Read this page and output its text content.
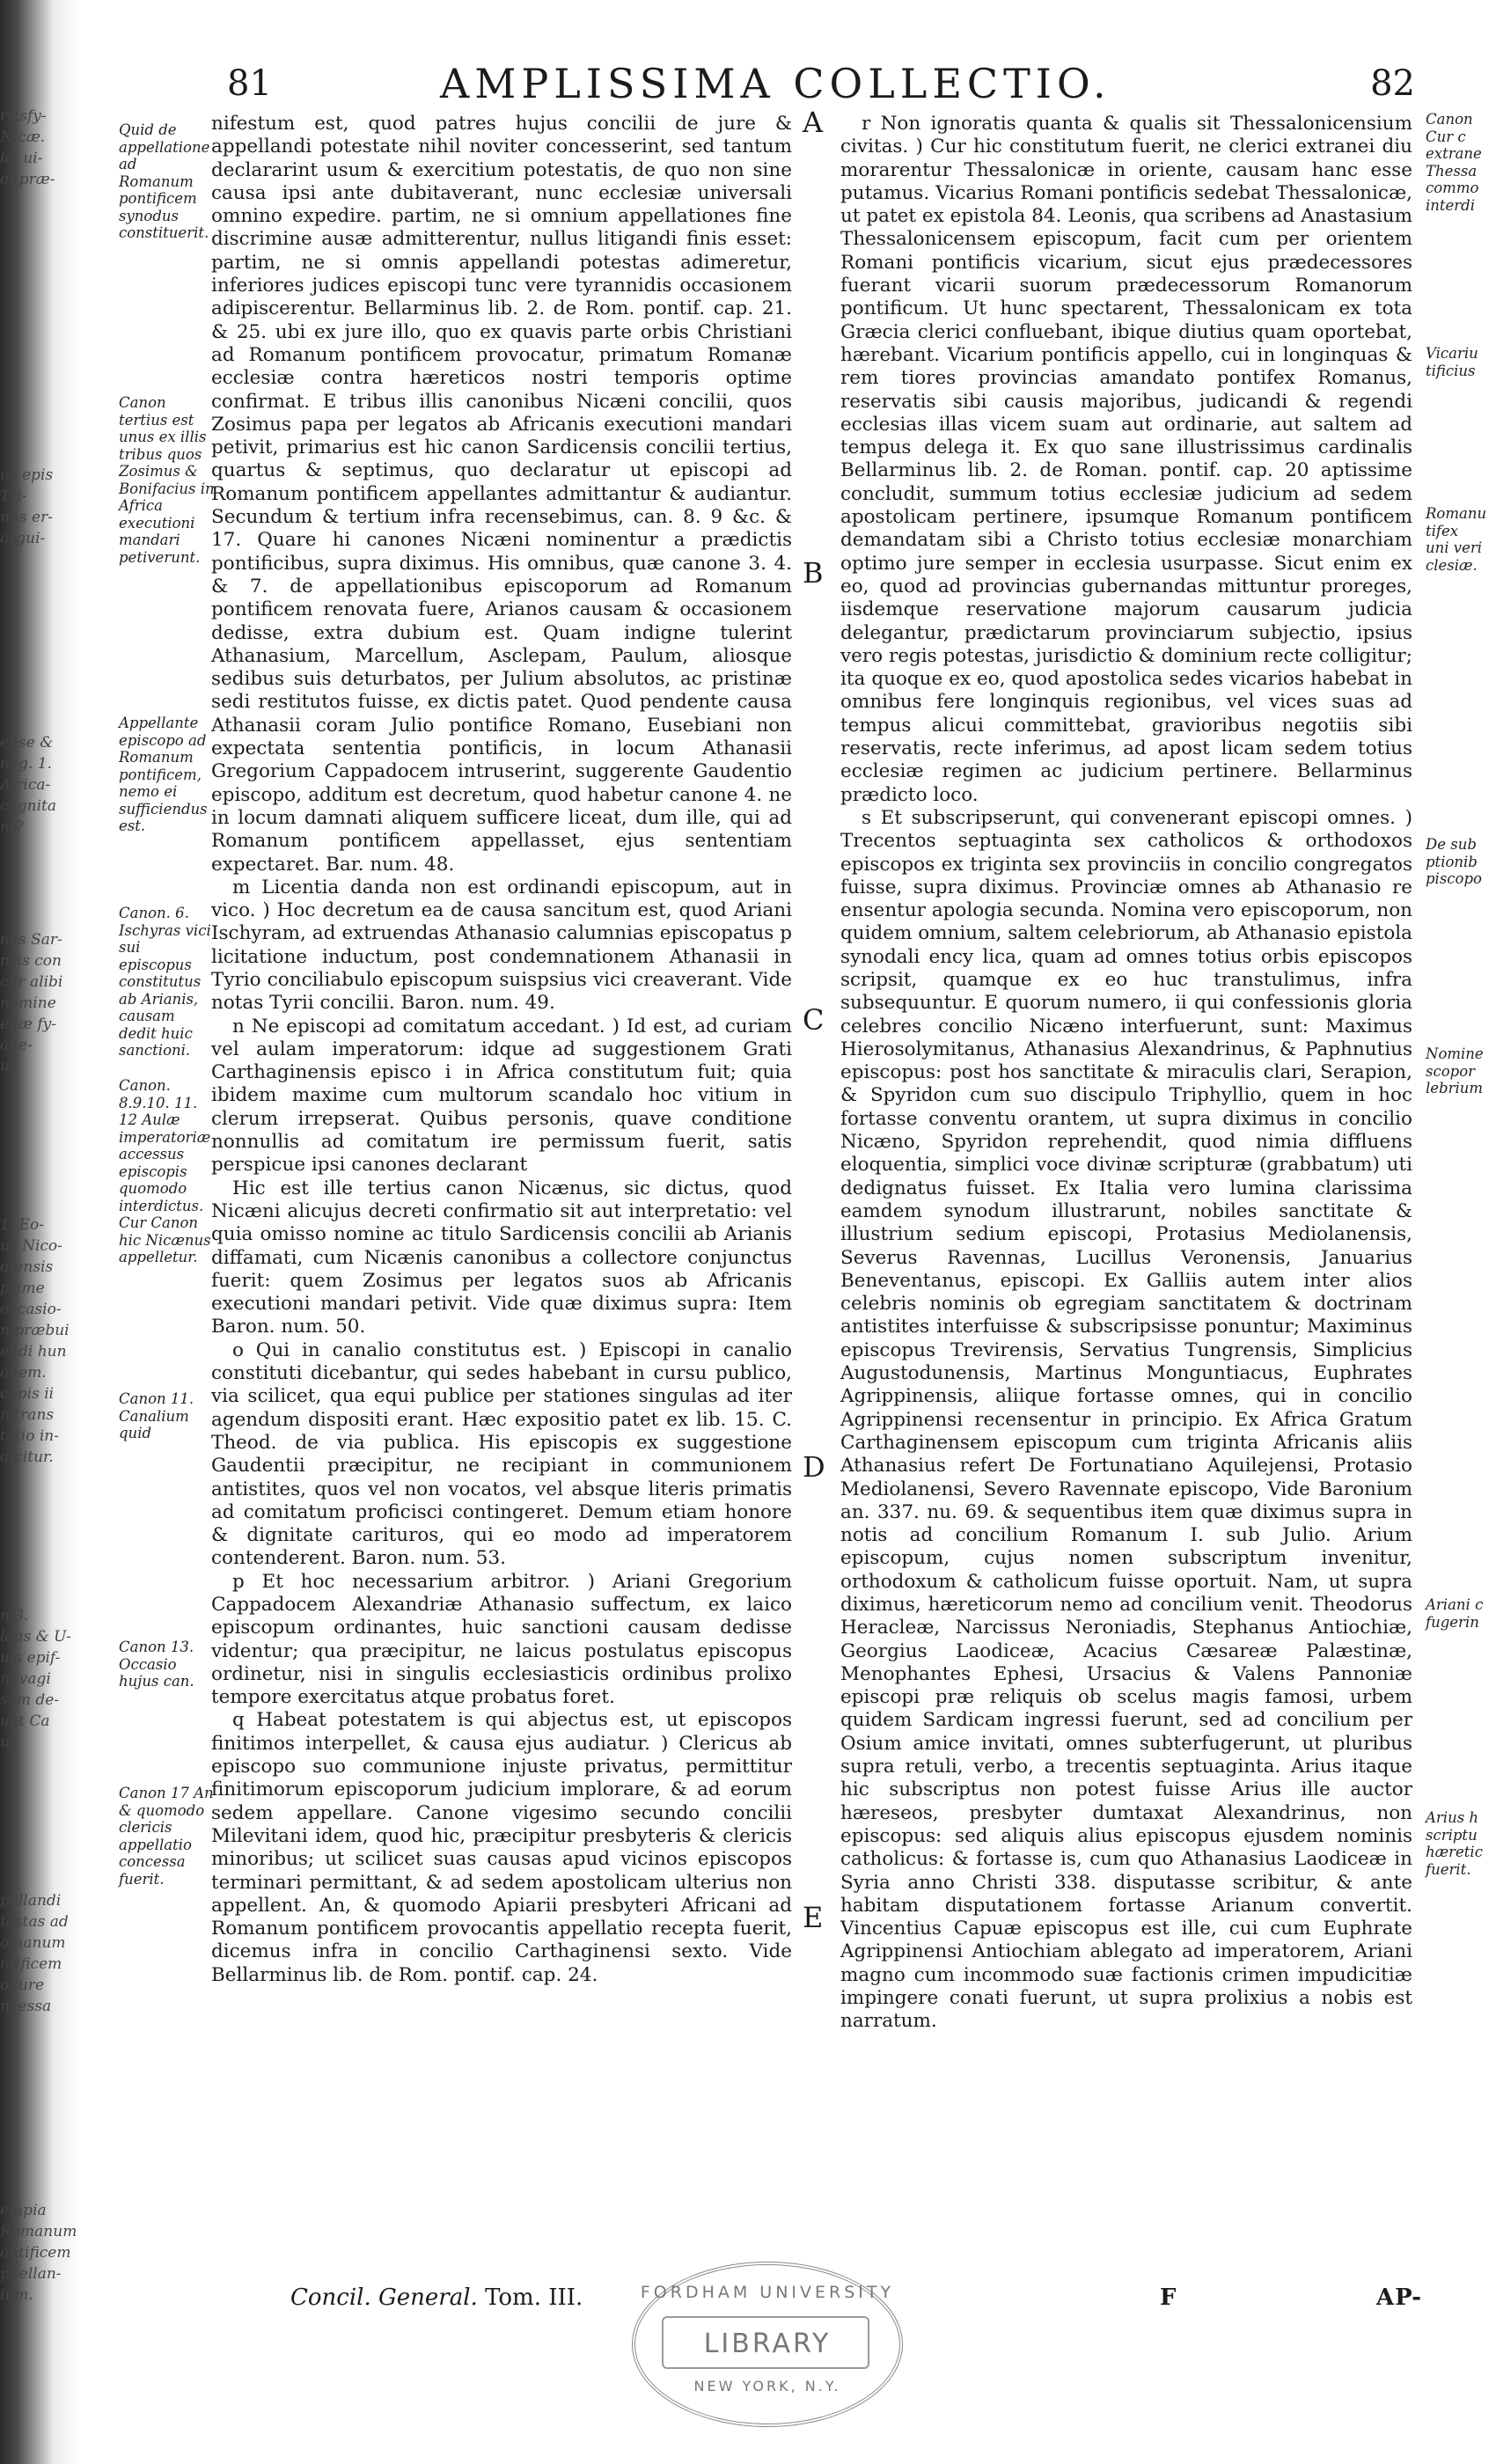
rsisfy-
Nicæ.
lei ui-
di præ-
us epis
Tri-
nus er-
argui-
ense &
nag. 1.
Africa-
cognita
nt?
nes Sar-
nsis con
cur alibi
nomine
enæ fy-
alle-
ur.
1. Eo-
us Nico-
diensis
prime
occasio-
n præbui
endi hun
onem.
copis ii
n trans
tatio in-
dicitur.
n 3.
lens & U-
uis epif-
ni vagi
sam de-
uat Ca
ui.
pellandi
testas ad
omanum
ntificem
o jure
ncessa
empia
Romanum
ontificem
ppellan-
ium.
81	AMPLISSIMA COLLECTIO.	82
Quid de appellatione ad Romanum pontificem synodus constituerit.
Canon tertius est unus ex illis tribus quos Zosimus & Bonifacius in Africa executioni mandari petiverunt.
Appellante episcopo ad Romanum pontificem, nemo ei sufficiendus est.
Canon. 6. Ischyras vici sui episcopus constitutus ab Arianis, causam dedit huic sanctioni.
Canon. 8.9.10. 11. 12 Aulæ imperatoriæ accessus episcopis quomodo interdictus. Cur Canon hic Nicænus appelletur.
Canon 11. Canalium quid
Canon 13. Occasio hujus can.
Canon 17 An & quomodo clericis appellatio concessa fuerit.
A
B
C
D
E

nifestum est, quod patres hujus concilii de jure & appellandi potestate nihil noviter concesserint, sed tantum declararint usum & exercitium potestatis, de quo non sine causa ipsi ante dubitaverant, nunc ecclesiæ universali omnino expedire. partim, ne si omnium appellationes fine discrimine ausæ admitterentur, nullus litigandi finis esset: partim, ne si omnis appellandi potestas adimeretur, inferiores judices episcopi tunc vere tyrannidis occasionem adipiscerentur. Bellarminus lib. 2. de Rom. pontif. cap. 21. & 25. ubi ex jure illo, quo ex quavis parte orbis Christiani ad Romanum pontificem provocatur, primatum Romanæ ecclesiæ contra hæreticos nostri temporis optime confirmat. E tribus illis canonibus Nicæni concilii, quos Zosimus papa per legatos ab Africanis executioni mandari petivit, primarius est hic canon Sardicensis concilii tertius, quartus & septimus, quo declaratur ut episcopi ad Romanum pontificem appellantes admittantur & audiantur. Secundum & tertium infra recensebimus, can. 8. 9 &c. & 17. Quare hi canones Nicæni nominentur a prædictis pontificibus, supra diximus. His omnibus, quæ canone 3. 4. & 7. de appellationibus episcoporum ad Romanum pontificem renovata fuere, Arianos causam & occasionem dedisse, extra dubium est. Quam indigne tulerint Athanasium, Marcellum, Asclepam, Paulum, aliosque sedibus suis deturbatos, per Julium absolutos, ac pristinæ sedi restitutos fuisse, ex dictis patet. Quod pendente causa Athanasii coram Julio pontifice Romano, Eusebiani non expectata sententia pontificis, in locum Athanasii Gregorium Cappadocem intruserint, suggerente Gaudentio episcopo, additum est decretum, quod habetur canone 4. ne in locum damnati aliquem sufficere liceat, dum ille, qui ad Romanum pontificem appellasset, ejus sententiam expectaret. Bar. num. 48.

m Licentia danda non est ordinandi episcopum, aut in vico. ) Hoc decretum ea de causa sancitum est, quod Ariani Ischyram, ad extruendas Athanasio calumnias episcopatus p licitatione inductum, post condemnationem Athanasii in Tyrio conciliabulo episcopum suispsius vici creaverant. Vide notas Tyrii concilii. Baron. num. 49.

n Ne episcopi ad comitatum accedant. ) Id est, ad curiam vel aulam imperatorum: idque ad suggestionem Grati Carthaginensis episco i in Africa constitutum fuit; quia ibidem maxime cum multorum scandalo hoc vitium in clerum irrepserat. Quibus personis, quave conditione nonnullis ad comitatum ire permissum fuerit, satis perspicue ipsi canones declarant

Hic est ille tertius canon Nicænus, sic dictus, quod Nicæni alicujus decreti confirmatio sit aut interpretatio: vel quia omisso nomine ac titulo Sardicensis concilii ab Arianis diffamati, cum Nicænis canonibus a collectore conjunctus fuerit: quem Zosimus per legatos suos ab Africanis executioni mandari petivit. Vide quæ diximus supra: Item Baron. num. 50.

o Qui in canalio constitutus est. ) Episcopi in canalio constituti dicebantur, qui sedes habebant in cursu publico, via scilicet, qua equi publice per stationes singulas ad iter agendum dispositi erant. Hæc expositio patet ex lib. 15. C. Theod. de via publica. His episcopis ex suggestione Gaudentii præcipitur, ne recipiant in communionem antistites, quos vel non vocatos, vel absque literis primatis ad comitatum proficisci contingeret. Demum etiam honore & dignitate carituros, qui eo modo ad imperatorem contenderent. Baron. num. 53.

p Et hoc necessarium arbitror. ) Ariani Gregorium Cappadocem Alexandriæ Athanasio suffectum, ex laico episcopum ordinantes, huic sanctioni causam dedisse videntur; qua præcipitur, ne laicus postulatus episcopus ordinetur, nisi in singulis ecclesiasticis ordinibus prolixo tempore exercitatus atque probatus foret.

q Habeat potestatem is qui abjectus est, ut episcopos finitimos interpellet, & causa ejus audiatur. ) Clericus ab episcopo suo communione injuste privatus, permittitur finitimorum episcoporum judicium implorare, & ad eorum sedem appellare. Canone vigesimo secundo concilii Milevitani idem, quod hic, præcipitur presbyteris & clericis minoribus; ut scilicet suas causas apud vicinos episcopos terminari permittant, & ad sedem apostolicam ulterius non appellent. An, & quomodo Apiarii presbyteri Africani ad Romanum pontificem provocantis appellatio recepta fuerit, dicemus infra in concilio Carthaginensi sexto. Vide Bellarminus lib. de Rom. pontif. cap. 24.

r Non ignoratis quanta & qualis sit Thessalonicensium civitas. ) Cur hic constitutum fuerit, ne clerici extranei diu morarentur Thessalonicæ in oriente, causam hanc esse putamus. Vicarius Romani pontificis sedebat Thessalonicæ, ut patet ex epistola 84. Leonis, qua scribens ad Anastasium Thessalonicensem episcopum, facit cum per orientem Romani pontificis vicarium, sicut ejus prædecessores fuerant vicarii suorum prædecessorum Romanorum pontificum. Ut hunc spectarent, Thessalonicam ex tota Græcia clerici confluebant, ibique diutius quam oportebat, hærebant. Vicarium pontificis appello, cui in longinquas & rem tiores provincias amandato pontifex Romanus, reservatis sibi causis majoribus, judicandi & regendi ecclesias illas vicem suam aut ordinarie, aut saltem ad tempus delega it. Ex quo sane illustrissimus cardinalis Bellarminus lib. 2. de Roman. pontif. cap. 20 aptissime concludit, summum totius ecclesiæ judicium ad sedem apostolicam pertinere, ipsumque Romanum pontificem demandatam sibi a Christo totius ecclesiæ monarchiam optimo jure semper in ecclesia usurpasse. Sicut enim ex eo, quod ad provincias gubernandas mittuntur proreges, iisdemque reservatione majorum causarum judicia delegantur, prædictarum provinciarum subjectio, ipsius vero regis potestas, jurisdictio & dominium recte colligitur; ita quoque ex eo, quod apostolica sedes vicarios habebat in omnibus fere longinquis regionibus, vel vices suas ad tempus alicui committebat, gravioribus negotiis sibi reservatis, recte inferimus, ad apost licam sedem totius ecclesiæ regimen ac judicium pertinere. Bellarminus prædicto loco.

s Et subscripserunt, qui convenerant episcopi omnes. ) Trecentos septuaginta sex catholicos & orthodoxos episcopos ex triginta sex provinciis in concilio congregatos fuisse, supra diximus. Provinciæ omnes ab Athanasio re ensentur apologia secunda. Nomina vero episcoporum, non quidem omnium, saltem celebriorum, ab Athanasio epistola synodali ency lica, quam ad omnes totius orbis episcopos scripsit, quamque ex eo huc transtulimus, infra subsequuntur. E quorum numero, ii qui confessionis gloria celebres concilio Nicæno interfuerunt, sunt: Maximus Hierosolymitanus, Athanasius Alexandrinus, & Paphnutius episcopus: post hos sanctitate & miraculis clari, Serapion, & Spyridon cum suo discipulo Triphyllio, quem in hoc fortasse conventu orantem, ut supra diximus in concilio Nicæno, Spyridon reprehendit, quod nimia diffluens eloquentia, simplici voce divinæ scripturæ (grabbatum) uti dedignatus fuisset. Ex Italia vero lumina clarissima eamdem synodum illustrarunt, nobiles sanctitate & illustrium sedium episcopi, Protasius Mediolanensis, Severus Ravennas, Lucillus Veronensis, Januarius Beneventanus, episcopi. Ex Galliis autem inter alios celebris nominis ob egregiam sanctitatem & doctrinam antistites interfuisse & subscripsisse ponuntur; Maximinus episcopus Trevirensis, Servatius Tungrensis, Simplicius Augustodunensis, Martinus Monguntiacus, Euphrates Agrippinensis, aliique fortasse omnes, qui in concilio Agrippinensi recensentur in principio. Ex Africa Gratum Carthaginensem episcopum cum triginta Africanis aliis Athanasius refert De Fortunatiano Aquilejensi, Protasio Mediolanensi, Severo Ravennate episcopo, Vide Baronium an. 337. nu. 69. & sequentibus item quæ diximus supra in notis ad concilium Romanum I. sub Julio. Arium episcopum, cujus nomen subscriptum invenitur, orthodoxum & catholicum fuisse oportuit. Nam, ut supra diximus, hæreticorum nemo ad concilium venit. Theodorus Heracleæ, Narcissus Neroniadis, Stephanus Antiochiæ, Georgius Laodiceæ, Acacius Cæsareæ Palæstinæ, Menophantes Ephesi, Ursacius & Valens Pannoniæ episcopi præ reliquis ob scelus magis famosi, urbem quidem Sardicam ingressi fuerunt, sed ad concilium per Osium amice invitati, omnes subterfugerunt, ut pluribus supra retuli, verbo, a trecentis septuaginta. Arius itaque hic subscriptus non potest fuisse Arius ille auctor hæreseos, presbyter dumtaxat Alexandrinus, non episcopus: sed aliquis alius episcopus ejusdem nominis catholicus: & fortasse is, cum quo Athanasius Laodiceæ in Syria anno Christi 338. disputasse scribitur, & ante habitam disputationem fortasse Arianum convertit. Vincentius Capuæ episcopus est ille, cui cum Euphrate Agrippinensi Antiochiam ablegato ad imperatorem, Ariani magno cum incommodo suæ factionis crimen impudicitiæ impingere conati fuerunt, ut supra prolixius a nobis est narratum.

Canon
Cur c
extrane
Thessa
commo
interdi
Vicariu
tificius
Romanu
tifex
uni veri
clesiæ.
De sub
ptionib
piscopo
Nomine
scopor
lebrium
Ariani c
fugerin
Arius h
scriptu
hæretic
fuerit.
Concil. General. Tom. III.	F	AP-
FORDHAM UNIVERSITY
LIBRARY
NEW YORK, N.Y.
